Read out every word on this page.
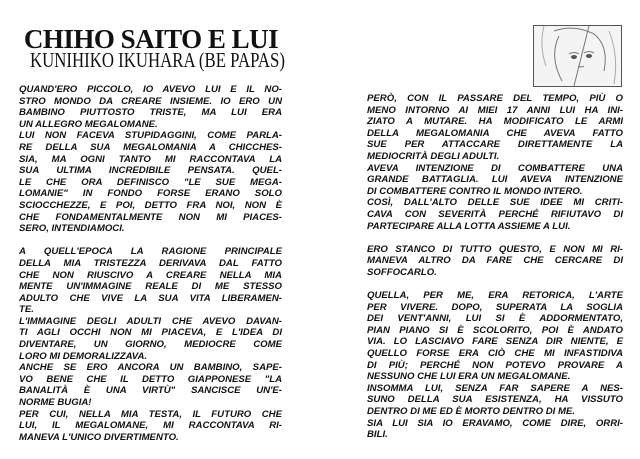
CHIHO SAITO E LUI
KUNIHIKO IKUHARA (BE PAPAS)
QUAND'ERO PICCOLO, IO AVEVO LUI E IL NO-
STRO MONDO DA CREARE INSIEME. IO ERO UN
BAMBINO PIUTTOSTO TRISTE, MA LUI ERA
UN ALLEGRO MEGALOMANE.
LUI NON FACEVA STUPIDAGGINI, COME PARLA-
RE DELLA SUA MEGALOMANIA A CHICCHES-
SIA, MA OGNI TANTO MI RACCONTAVA LA
SUA ULTIMA INCREDIBILE PENSATA. QUEL-
LE CHE ORA DEFINISCO "LE SUE MEGA-
LOMANIE" IN FONDO FORSE ERANO SOLO
SCIOCCHEZZE, E POI, DETTO FRA NOI, NON È
CHE FONDAMENTALMENTE NON MI PIACES-
SERO, INTENDIAMOCI.
A QUELL'EPOCA LA RAGIONE PRINCIPALE
DELLA MIA TRISTEZZA DERIVAVA DAL FATTO
CHE NON RIUSCIVO A CREARE NELLA MIA
MENTE UN'IMMAGINE REALE DI ME STESSO
ADULTO CHE VIVE LA SUA VITA LIBERAMEN-
TE.
L'IMMAGINE DEGLI ADULTI CHE AVEVO DAVAN-
TI AGLI OCCHI NON MI PIACEVA, E L'IDEA DI
DIVENTARE, UN GIORNO, MEDIOCRE COME
LORO MI DEMORALIZZAVA.
ANCHE SE ERO ANCORA UN BAMBINO, SAPE-
VO BENE CHE IL DETTO GIAPPONESE "LA
BANALITÀ È UNA VIRTÙ" SANCISCE UN'E-
NORME BUGIA!
PER CUI, NELLA MIA TESTA, IL FUTURO CHE
LUI, IL MEGALOMANE, MI RACCONTAVA RI-
MANEVA L'UNICO DIVERTIMENTO.
PERÒ, CON IL PASSARE DEL TEMPO, PIÙ O
MENO INTORNO AI MIEI 17 ANNI LUI HA INI-
ZIATO A MUTARE. HA MODIFICATO LE ARMI
DELLA MEGALOMANIA CHE AVEVA FATTO
SUE PER ATTACCARE DIRETTAMENTE LA
MEDIOCRITÀ DEGLI ADULTI.
AVEVA INTENZIONE DI COMBATTERE UNA
GRANDE BATTAGLIA. LUI AVEVA INTENZIONE
DI COMBATTERE CONTRO IL MONDO INTERO.
COSÌ, DALL'ALTO DELLE SUE IDEE MI CRITI-
CAVA CON SEVERITÀ PERCHÉ RIFIUTAVO DI
PARTECIPARE ALLA LOTTA ASSIEME A LUI.
ERO STANCO DI TUTTO QUESTO, E NON MI RI-
MANEVA ALTRO DA FARE CHE CERCARE DI
SOFFOCARLO.
QUELLA, PER ME, ERA RETORICA, L'ARTE
PER VIVERE. DOPO, SUPERATA LA SOGLIA
DEI VENT'ANNI, LUI SI È ADDORMENTATO,
PIAN PIANO SI È SCOLORITO, POI È ANDATO
VIA. LO LASCIAVO FARE SENZA DIR NIENTE, E
QUELLO FORSE ERA CIÒ CHE MI INFASTIDIVA
DI PIÙ; PERCHÉ NON POTEVO PROVARE A
NESSUNO CHE LUI ERA UN MEGALOMANE.
INSOMMA LUI, SENZA FAR SAPERE A NES-
SUNO DELLA SUA ESISTENZA, HA VISSUTO
DENTRO DI ME ED È MORTO DENTRO DI ME.
SIA LUI SIA IO ERAVAMO, COME DIRE, ORRI-
BILI.
